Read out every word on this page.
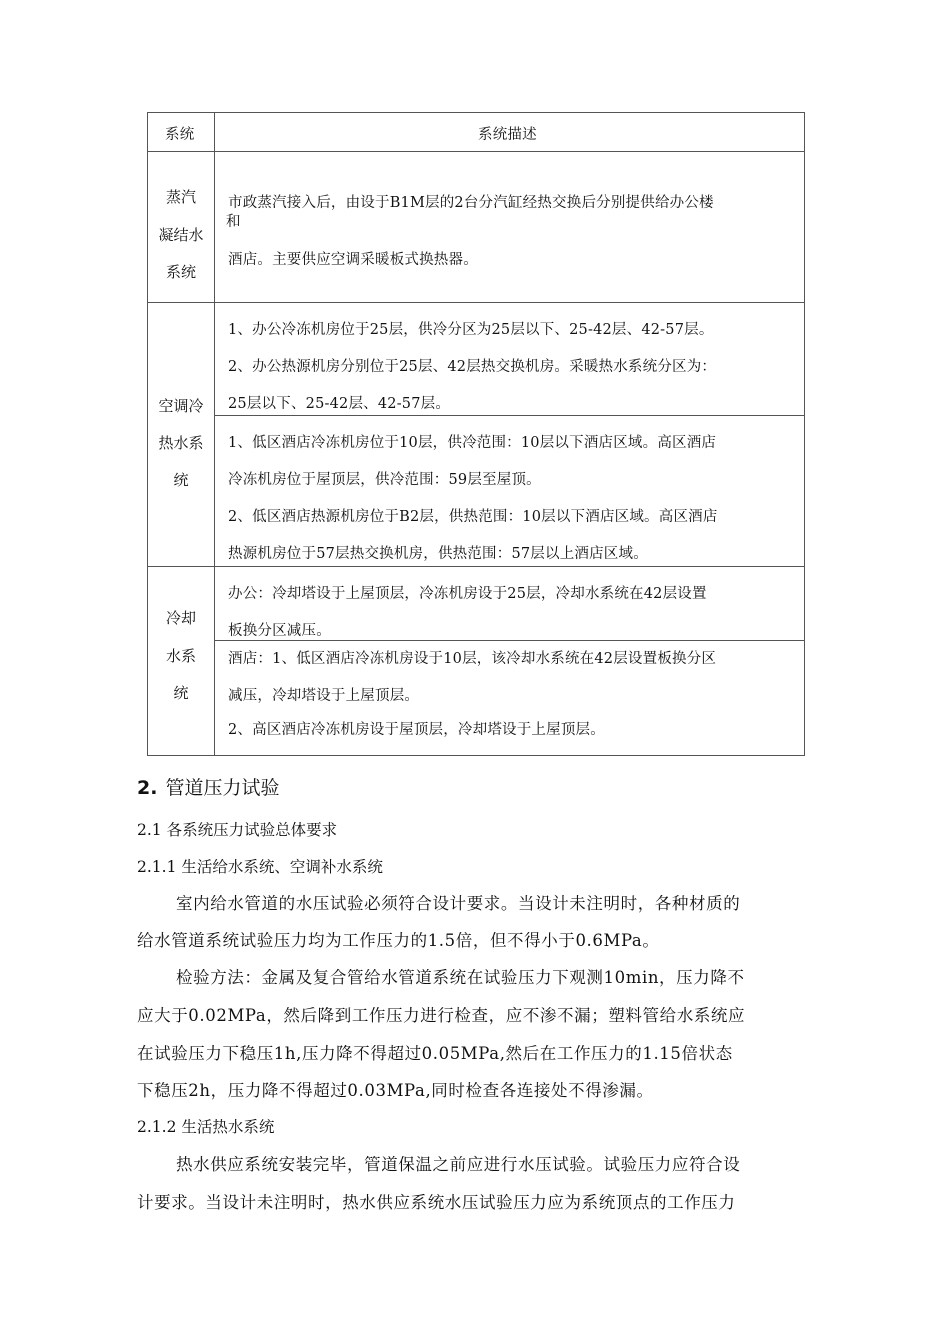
系统	系统描述
蒸汽
凝结水
系统
市政蒸汽接入后，由设于B1M层的2台分汽缸经热交换后分别提供给办公楼
和
酒店。主要供应空调采暖板式换热器。
空调冷
热水系
统
1、办公冷冻机房位于25层，供冷分区为25层以下、25-42层、42-57层。
2、办公热源机房分别位于25层、42层热交换机房。采暖热水系统分区为：
25层以下、25-42层、42-57层。
1、低区酒店冷冻机房位于10层，供冷范围：10层以下酒店区域。高区酒店
冷冻机房位于屋顶层，供冷范围：59层至屋顶。
2、低区酒店热源机房位于B2层，供热范围：10层以下酒店区域。高区酒店
热源机房位于57层热交换机房，供热范围：57层以上酒店区域。
冷却
水系
统
办公：冷却塔设于上屋顶层，冷冻机房设于25层，冷却水系统在42层设置
板换分区减压。
酒店：1、低区酒店冷冻机房设于10层，该冷却水系统在42层设置板换分区
减压，冷却塔设于上屋顶层。
2、高区酒店冷冻机房设于屋顶层，冷却塔设于上屋顶层。
2. 管道压力试验
2.1 各系统压力试验总体要求
2.1.1 生活给水系统、空调补水系统
室内给水管道的水压试验必须符合设计要求。当设计未注明时，各种材质的
给水管道系统试验压力均为工作压力的1.5倍，但不得小于0.6MPa。
检验方法：金属及复合管给水管道系统在试验压力下观测10min，压力降不
应大于0.02MPa，然后降到工作压力进行检查，应不渗不漏；塑料管给水系统应
在试验压力下稳压1h,压力降不得超过0.05MPa,然后在工作压力的1.15倍状态
下稳压2h，压力降不得超过0.03MPa,同时检查各连接处不得渗漏。
2.1.2 生活热水系统
热水供应系统安装完毕，管道保温之前应进行水压试验。试验压力应符合设
计要求。当设计未注明时，热水供应系统水压试验压力应为系统顶点的工作压力
